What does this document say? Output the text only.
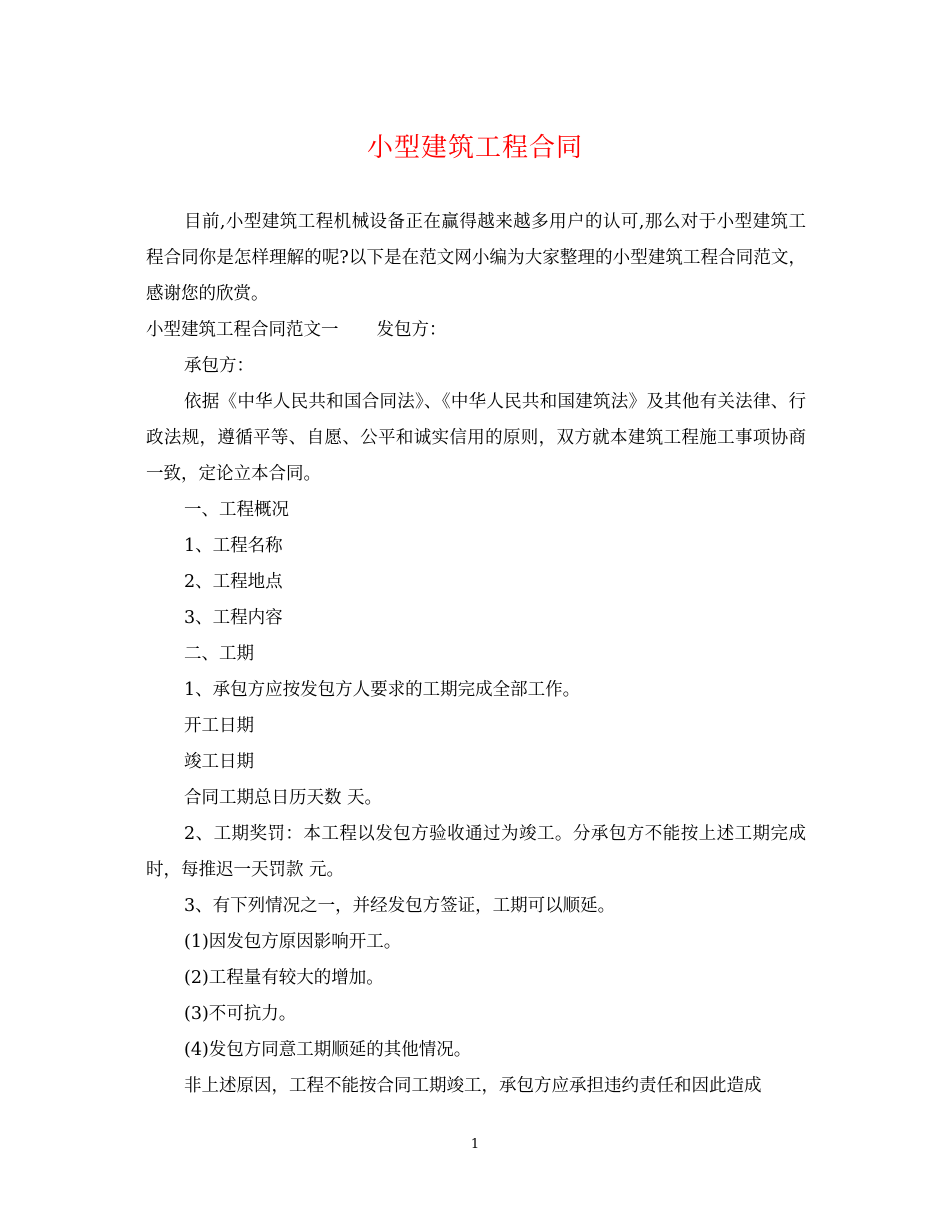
小型建筑工程合同

目前,小型建筑工程机械设备正在赢得越来越多用户的认可,那么对于小型建筑工程合同你是怎样理解的呢?以下是在范文网小编为大家整理的小型建筑工程合同范文，感谢您的欣赏。

小型建筑工程合同范文一 发包方：

承包方：

依据《中华人民共和国合同法》、《中华人民共和国建筑法》及其他有关法律、行政法规，遵循平等、自愿、公平和诚实信用的原则，双方就本建筑工程施工事项协商一致，定论立本合同。

一、工程概况

1、工程名称

2、工程地点

3、工程内容

二、工期

1、承包方应按发包方人要求的工期完成全部工作。

开工日期

竣工日期

合同工期总日历天数 天。

2、工期奖罚：本工程以发包方验收通过为竣工。分承包方不能按上述工期完成时，每推迟一天罚款 元。

3、有下列情况之一，并经发包方签证，工期可以顺延。

(1)因发包方原因影响开工。

(2)工程量有较大的增加。

(3)不可抗力。

(4)发包方同意工期顺延的其他情况。

非上述原因，工程不能按合同工期竣工，承包方应承担违约责任和因此造成

1
